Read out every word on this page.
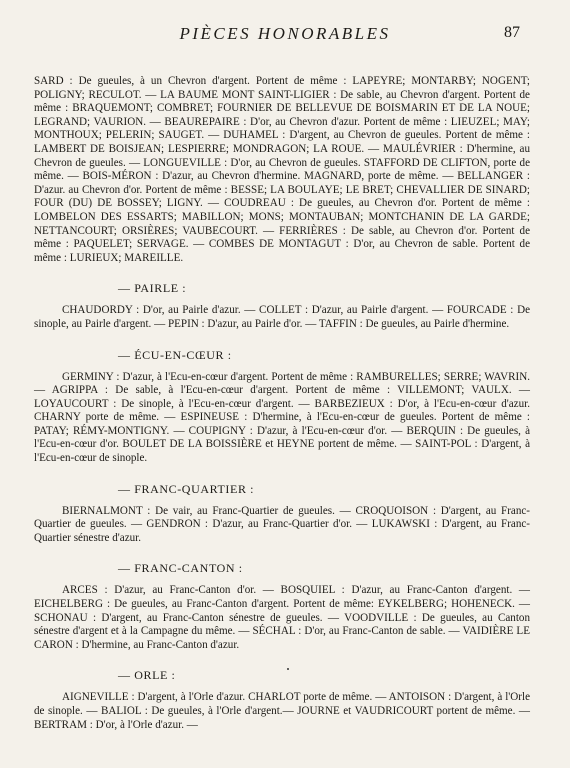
PIÈCES HONORABLES	87

SARD : De gueules, à un Chevron d'argent. Portent de même : LAPEYRE; MONTARBY; NOGENT; POLIGNY; RECULOT. — LA BAUME MONT SAINT-LIGIER : De sable, au Chevron d'argent. Portent de même : BRAQUEMONT; COMBRET; FOURNIER DE BELLEVUE DE BOISMARIN ET DE LA NOUE; LEGRAND; VAURION. — BEAUREPAIRE : D'or, au Chevron d'azur. Portent de même : LIEUZEL; MAY; MONTHOUX; PELERIN; SAUGET. — DUHAMEL : D'argent, au Chevron de gueules. Portent de même : LAMBERT DE BOISJEAN; LESPIERRE; MONDRAGON; LA ROUE. — MAULÉVRIER : D'hermine, au Chevron de gueules. — LONGUEVILLE : D'or, au Chevron de gueules. STAFFORD DE CLIFTON, porte de même. — BOIS-MÉRON : D'azur, au Chevron d'hermine. MAGNARD, porte de même. — BELLANGER : D'azur. au Chevron d'or. Portent de même : BESSE; LA BOULAYE; LE BRET; CHEVALLIER DE SINARD; FOUR (DU) DE BOSSEY; LIGNY. — COUDREAU : De gueules, au Chevron d'or. Portent de même : LOMBELON DES ESSARTS; MABILLON; MONS; MONTAUBAN; MONTCHANIN DE LA GARDE; NETTANCOURT; ORSIÈRES; VAUBECOURT. — FERRIÈRES : De sable, au Chevron d'or. Portent de même : PAQUELET; SERVAGE. — COMBES DE MONTAGUT : D'or, au Chevron de sable. Portent de même : LURIEUX; MAREILLE.

— PAIRLE :

CHAUDORDY : D'or, au Pairle d'azur. — COLLET : D'azur, au Pairle d'argent. — FOURCADE : De sinople, au Pairle d'argent. — PEPIN : D'azur, au Pairle d'or. — TAFFIN : De gueules, au Pairle d'hermine.

— ÉCU-EN-CŒUR :

GERMINY : D'azur, à l'Ecu-en-cœur d'argent. Portent de même : RAMBURELLES; SERRE; WAVRIN. — AGRIPPA : De sable, à l'Ecu-en-cœur d'argent. Portent de même : VILLEMONT; VAULX. — LOYAUCOURT : De sinople, à l'Ecu-en-cœur d'argent. — BARBEZIEUX : D'or, à l'Ecu-en-cœur d'azur. CHARNY porte de même. — ESPINEUSE : D'hermine, à l'Ecu-en-cœur de gueules. Portent de même : PATAY; RÉMY-MONTIGNY. — COUPIGNY : D'azur, à l'Ecu-en-cœur d'or. — BERQUIN : De gueules, à l'Ecu-en-cœur d'or. BOULET DE LA BOISSIÈRE et HEYNE portent de même. — SAINT-POL : D'argent, à l'Ecu-en-cœur de sinople.

— FRANC-QUARTIER :

BIERNALMONT : De vair, au Franc-Quartier de gueules. — CROQUOISON : D'argent, au Franc-Quartier de gueules. — GENDRON : D'azur, au Franc-Quartier d'or. — LUKAWSKI : D'argent, au Franc-Quartier sénestre d'azur.

— FRANC-CANTON :

ARCES : D'azur, au Franc-Canton d'or. — BOSQUIEL : D'azur, au Franc-Canton d'argent. — EICHELBERG : De gueules, au Franc-Canton d'argent. Portent de même: EYKELBERG; HOHENECK. — SCHONAU : D'argent, au Franc-Canton sénestre de gueules. — VOODVILLE : De gueules, au Canton sénestre d'argent et à la Campagne du même. — SÉCHAL : D'or, au Franc-Canton de sable. — VAIDIÈRE LE CARON : D'hermine, au Franc-Canton d'azur.

— ORLE :

AIGNEVILLE : D'argent, à l'Orle d'azur. CHARLOT porte de même. — ANTOISON : D'argent, à l'Orle de sinople. — BALIOL : De gueules, à l'Orle d'argent.— JOURNE et VAUDRICOURT portent de même. — BERTRAM : D'or, à l'Orle d'azur. —
